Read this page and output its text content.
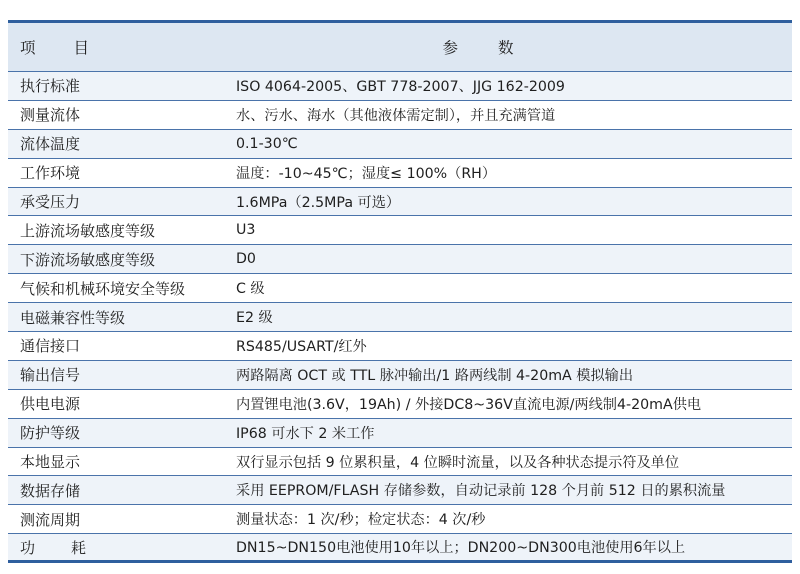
项目	参数
执行标准	ISO 4064-2005、GBT 778-2007、JJG 162-2009
测量流体	水、污水、海水（其他液体需定制），并且充满管道
流体温度	0.1-30℃
工作环境	温度：-10~45℃；湿度≤ 100%（RH）
承受压力	1.6MPa（2.5MPa 可选）
上游流场敏感度等级	U3
下游流场敏感度等级	D0
气候和机械环境安全等级	C 级
电磁兼容性等级	E2 级
通信接口	RS485/USART/红外
输出信号	两路隔离 OCT 或 TTL 脉冲输出/1 路两线制 4-20mA 模拟输出
供电电源	内置锂电池(3.6V，19Ah) / 外接DC8~36V直流电源/两线制4-20mA供电
防护等级	IP68 可水下 2 米工作
本地显示	双行显示包括 9 位累积量，4 位瞬时流量，以及各种状态提示符及单位
数据存储	采用 EEPROM/FLASH 存储参数，自动记录前 128 个月前 512 日的累积流量
测流周期	测量状态：1 次/秒；检定状态：4 次/秒
功耗	DN15~DN150电池使用10年以上；DN200~DN300电池使用6年以上
